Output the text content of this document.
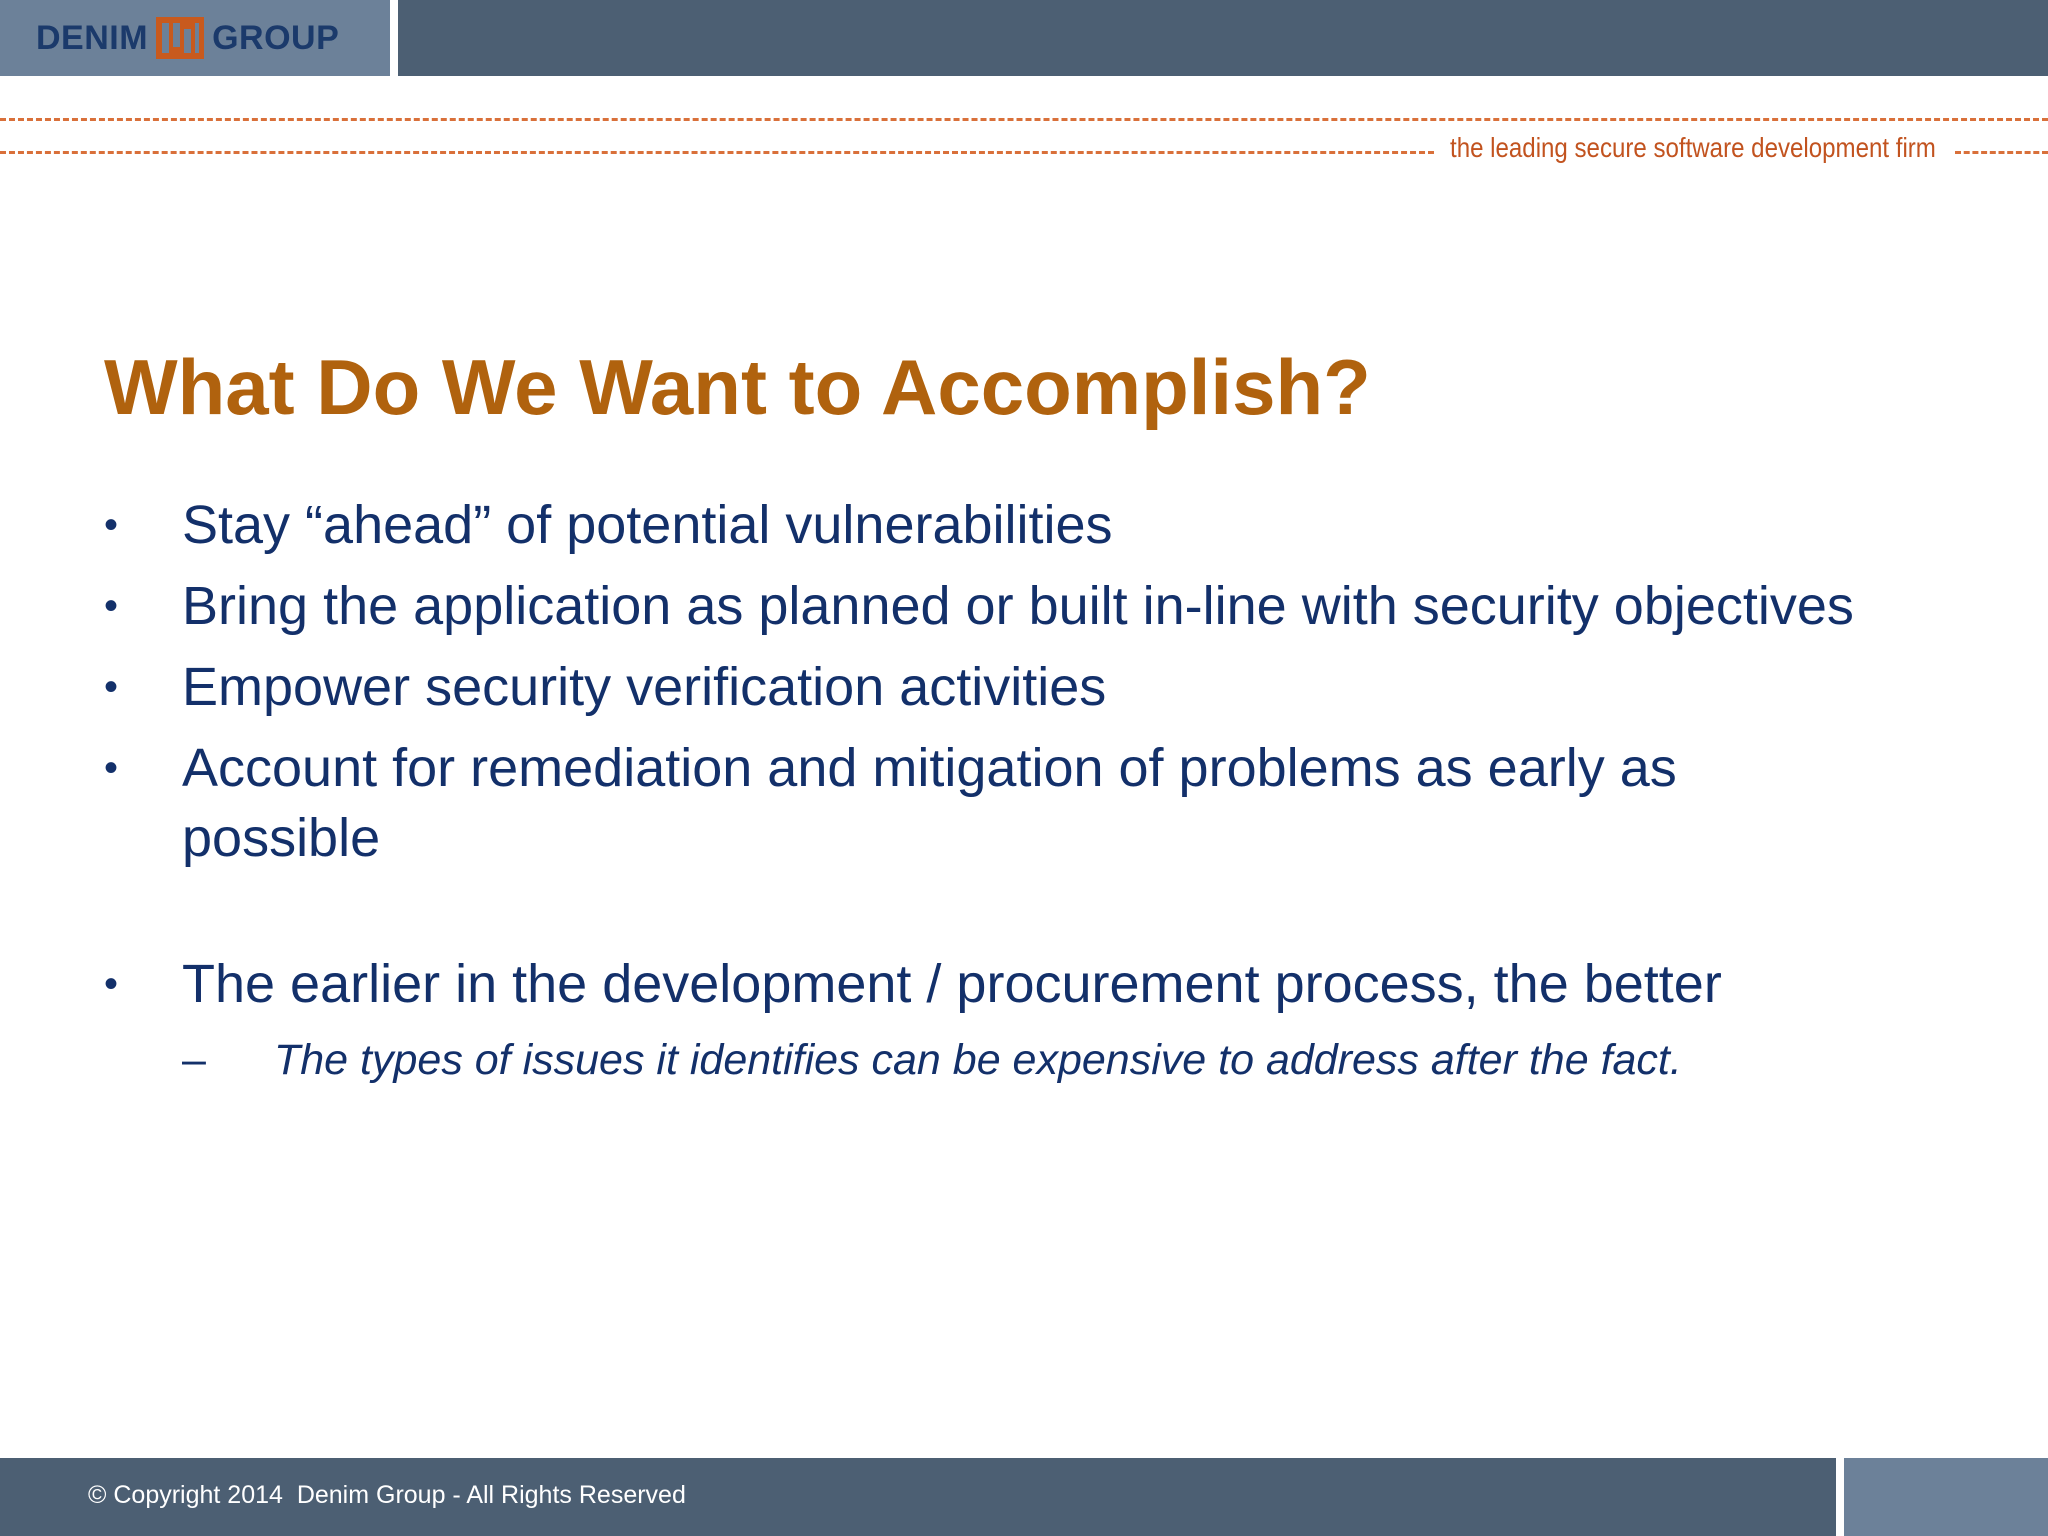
DENIM GROUP
the leading secure software development firm
What Do We Want to Accomplish?
• Stay “ahead” of potential vulnerabilities
• Bring the application as planned or built in-line with security objectives
• Empower security verification activities
• Account for remediation and mitigation of problems as early as possible
• The earlier in the development / procurement process, the better
–	The types of issues it identifies can be expensive to address after the fact.
© Copyright 2014  Denim Group - All Rights Reserved
